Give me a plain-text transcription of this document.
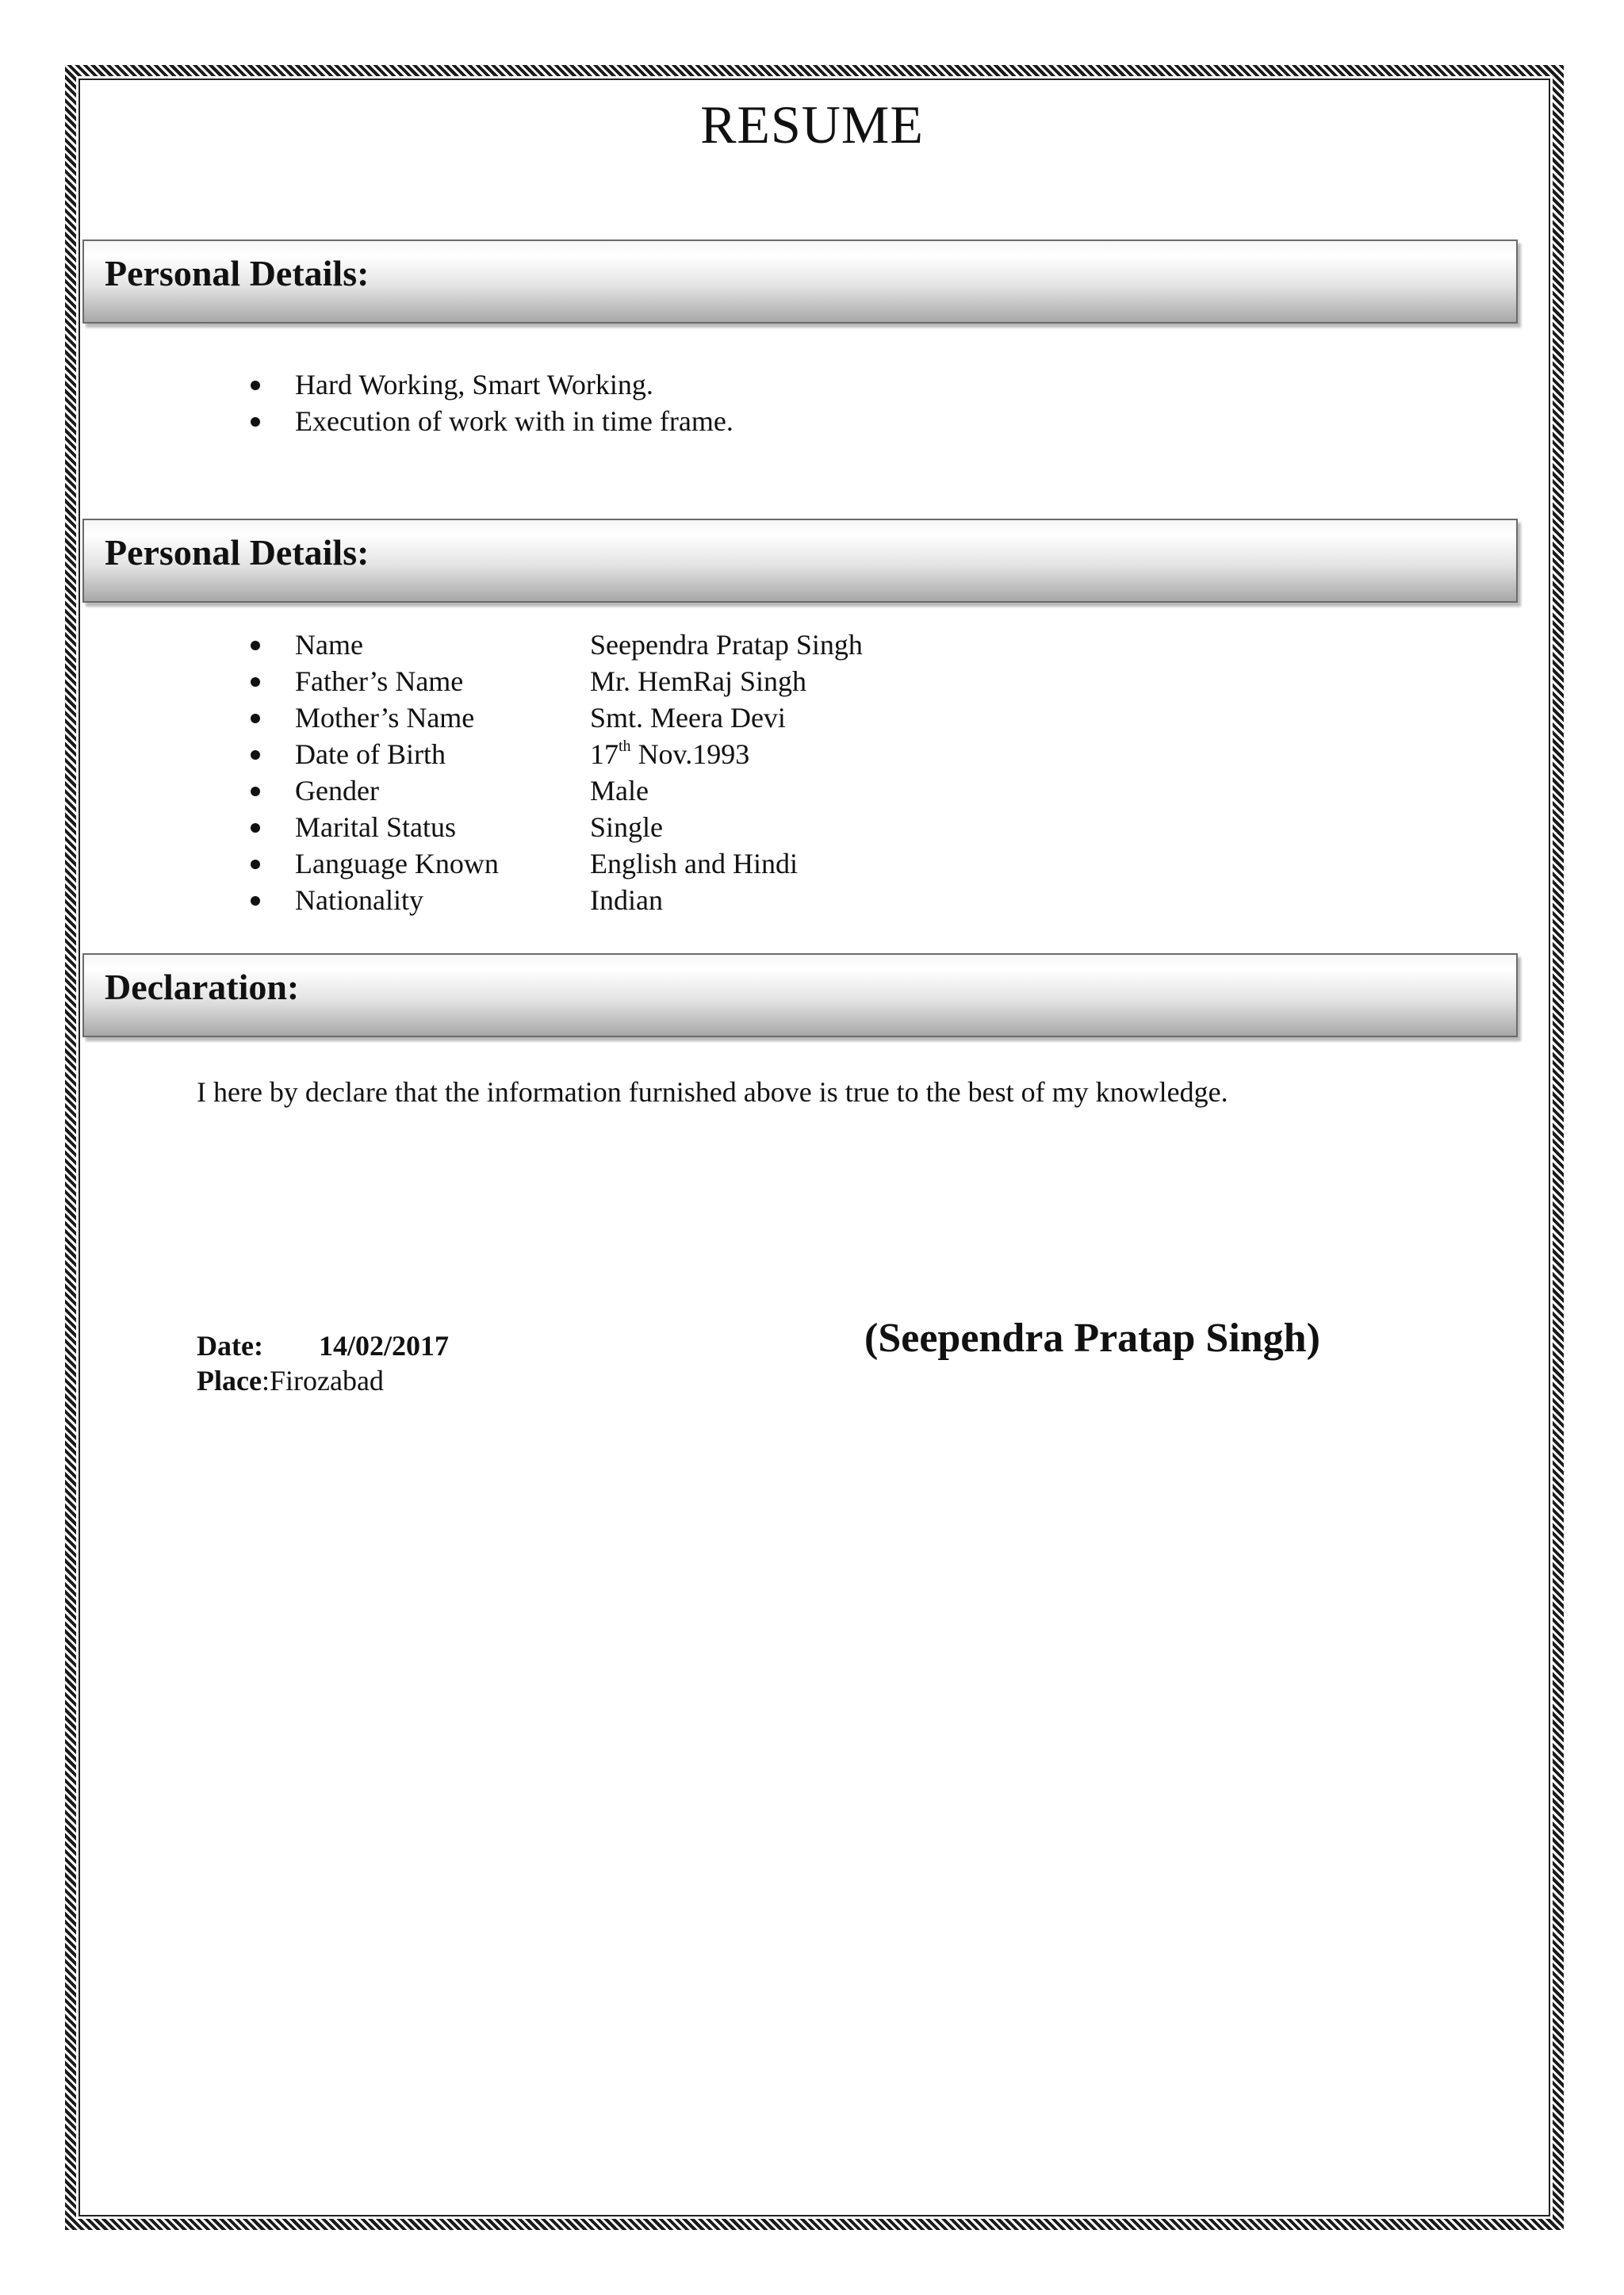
RESUME
Personal Details:
Hard Working, Smart Working.
Execution of work with in time frame.
Personal Details:
Name	Seependra Pratap Singh
Father’s Name	Mr. HemRaj Singh
Mother’s Name	Smt. Meera Devi
Date of Birth	17th Nov.1993
Gender	Male
Marital Status	Single
Language Known	English and Hindi
Nationality	Indian
Declaration:
I here by declare that the information furnished above is true to the best of my knowledge.
Date: 14/02/2017
Place:Firozabad
(Seependra Pratap Singh)
